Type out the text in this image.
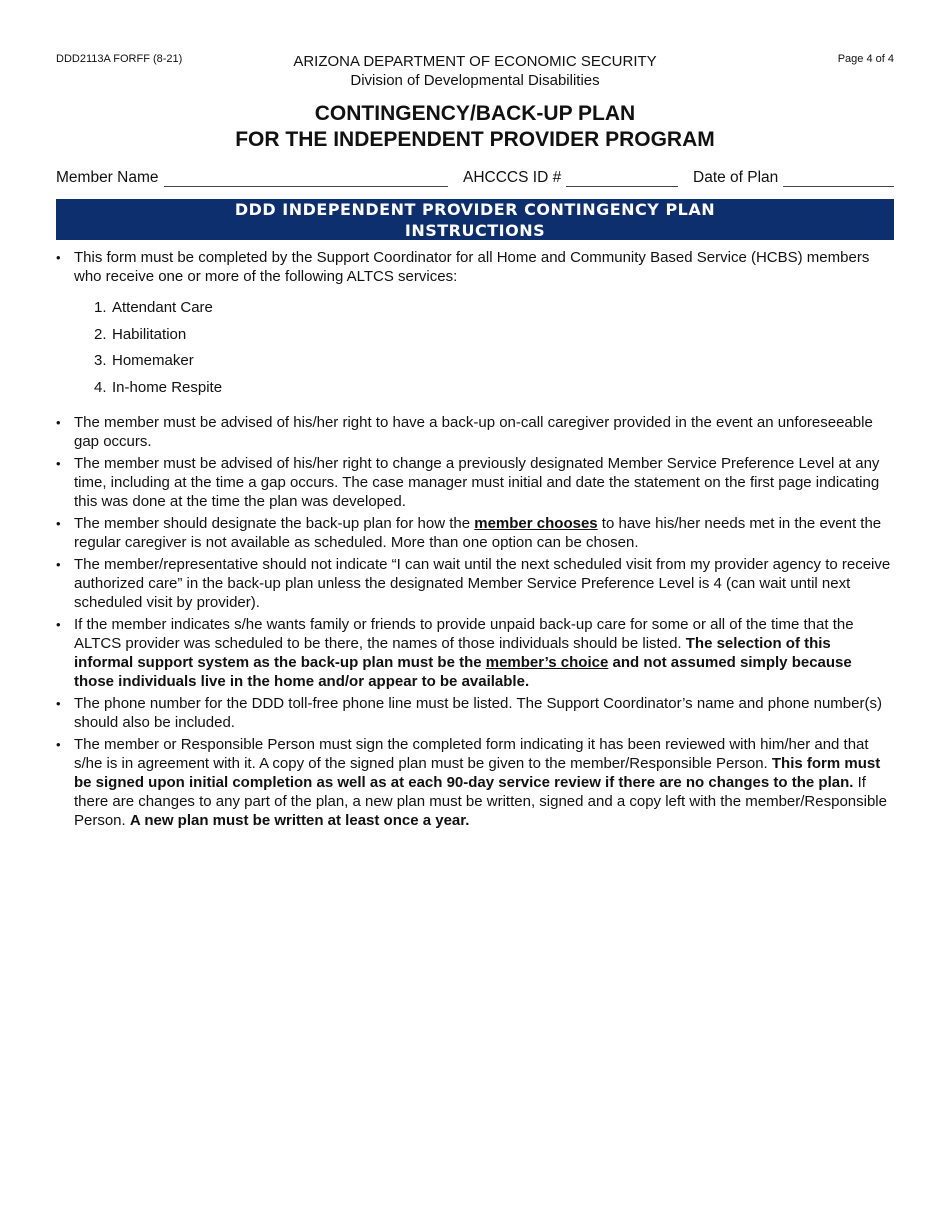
DDD2113A FORFF (8-21)	Page 4 of 4
ARIZONA DEPARTMENT OF ECONOMIC SECURITY
Division of Developmental Disabilities
CONTINGENCY/BACK-UP PLAN
FOR THE INDEPENDENT PROVIDER PROGRAM
Member Name	AHCCCS ID #	Date of Plan
DDD INDEPENDENT PROVIDER CONTINGENCY PLAN
INSTRUCTIONS
• This form must be completed by the Support Coordinator for all Home and Community Based Service (HCBS) members who receive one or more of the following ALTCS services:
1. Attendant Care
2. Habilitation
3. Homemaker
4. In-home Respite
• The member must be advised of his/her right to have a back-up on-call caregiver provided in the event an unforeseeable gap occurs.
• The member must be advised of his/her right to change a previously designated Member Service Preference Level at any time, including at the time a gap occurs. The case manager must initial and date the statement on the first page indicating this was done at the time the plan was developed.
• The member should designate the back-up plan for how the member chooses to have his/her needs met in the event the regular caregiver is not available as scheduled. More than one option can be chosen.
• The member/representative should not indicate “I can wait until the next scheduled visit from my provider agency to receive authorized care” in the back-up plan unless the designated Member Service Preference Level is 4 (can wait until next scheduled visit by provider).
• If the member indicates s/he wants family or friends to provide unpaid back-up care for some or all of the time that the ALTCS provider was scheduled to be there, the names of those individuals should be listed. The selection of this informal support system as the back-up plan must be the member’s choice and not assumed simply because those individuals live in the home and/or appear to be available.
• The phone number for the DDD toll-free phone line must be listed. The Support Coordinator’s name and phone number(s) should also be included.
• The member or Responsible Person must sign the completed form indicating it has been reviewed with him/her and that s/he is in agreement with it. A copy of the signed plan must be given to the member/Responsible Person. This form must be signed upon initial completion as well as at each 90-day service review if there are no changes to the plan. If there are changes to any part of the plan, a new plan must be written, signed and a copy left with the member/Responsible Person. A new plan must be written at least once a year.
